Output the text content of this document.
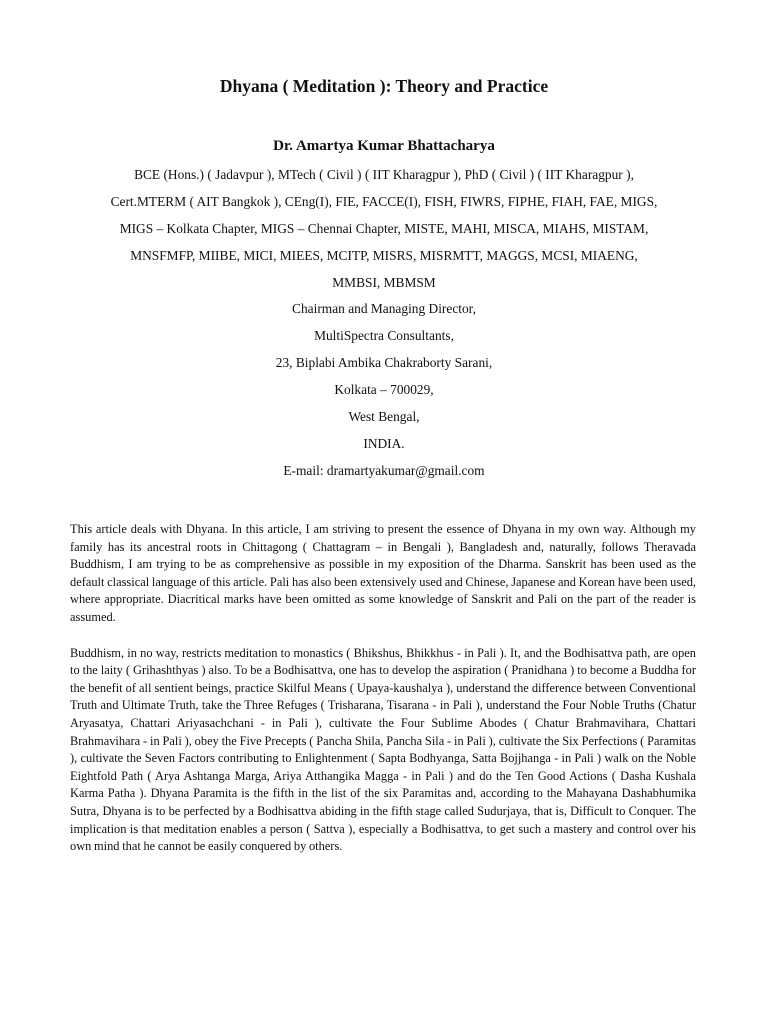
Dhyana ( Meditation ): Theory and Practice
Dr. Amartya Kumar Bhattacharya
BCE (Hons.) ( Jadavpur ), MTech ( Civil ) ( IIT Kharagpur ), PhD ( Civil ) ( IIT Kharagpur ),
Cert.MTERM ( AIT Bangkok ), CEng(I), FIE, FACCE(I), FISH, FIWRS, FIPHE, FIAH, FAE, MIGS,
MIGS – Kolkata Chapter, MIGS – Chennai Chapter, MISTE, MAHI, MISCA, MIAHS, MISTAM,
MNSFMFP, MIIBE, MICI, MIEES, MCITP, MISRS, MISRMTT, MAGGS, MCSI, MIAENG,
MMBSI, MBMSM
Chairman and Managing Director,
MultiSpectra Consultants,
23, Biplabi Ambika Chakraborty Sarani,
Kolkata – 700029,
West Bengal,
INDIA.
E-mail: dramartyakumar@gmail.com

This article deals with Dhyana. In this article, I am striving to present the essence of Dhyana in my own way. Although my family has its ancestral roots in Chittagong ( Chattagram – in Bengali ), Bangladesh and, naturally, follows Theravada Buddhism, I am trying to be as comprehensive as possible in my exposition of the Dharma. Sanskrit has been used as the default classical language of this article. Pali has also been extensively used and Chinese, Japanese and Korean have been used, where appropriate. Diacritical marks have been omitted as some knowledge of Sanskrit and Pali on the part of the reader is assumed.

Buddhism, in no way, restricts meditation to monastics ( Bhikshus, Bhikkhus - in Pali ). It, and the Bodhisattva path, are open to the laity ( Grihashthyas ) also. To be a Bodhisattva, one has to develop the aspiration ( Pranidhana ) to become a Buddha for the benefit of all sentient beings, practice Skilful Means ( Upaya-kaushalya ), understand the difference between Conventional Truth and Ultimate Truth, take the Three Refuges ( Trisharana, Tisarana - in Pali ), understand the Four Noble Truths (Chatur Aryasatya, Chattari Ariyasachchani - in Pali ), cultivate the Four Sublime Abodes ( Chatur Brahmavihara, Chattari Brahmavihara - in Pali ), obey the Five Precepts ( Pancha Shila, Pancha Sila - in Pali ), cultivate the Six Perfections ( Paramitas ), cultivate the Seven Factors contributing to Enlightenment ( Sapta Bodhyanga, Satta Bojjhanga - in Pali ) walk on the Noble Eightfold Path ( Arya Ashtanga Marga, Ariya Atthangika Magga - in Pali ) and do the Ten Good Actions ( Dasha Kushala Karma Patha ). Dhyana Paramita is the fifth in the list of the six Paramitas and, according to the Mahayana Dashabhumika Sutra, Dhyana is to be perfected by a Bodhisattva abiding in the fifth stage called Sudurjaya, that is, Difficult to Conquer. The implication is that meditation enables a person ( Sattva ), especially a Bodhisattva, to get such a mastery and control over his own mind that he cannot be easily conquered by others.
